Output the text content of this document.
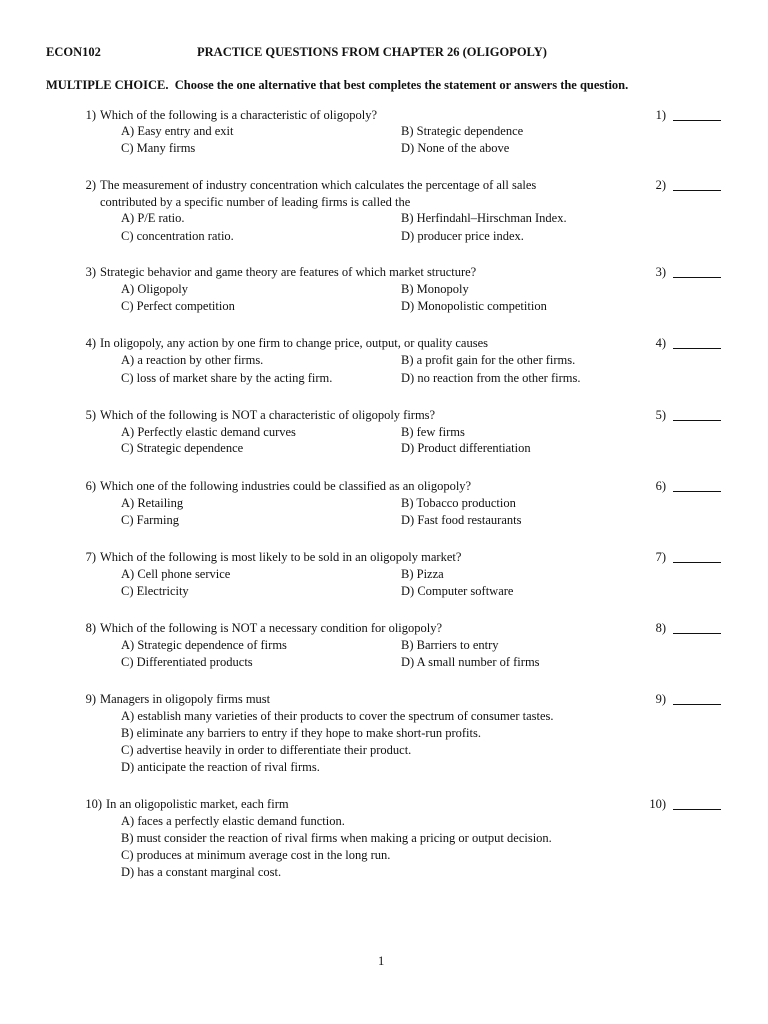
ECON102	PRACTICE QUESTIONS FROM CHAPTER 26 (OLIGOPOLY)
MULTIPLE CHOICE. Choose the one alternative that best completes the statement or answers the question.
1) Which of the following is a characteristic of oligopoly?
A) Easy entry and exit	B) Strategic dependence
C) Many firms	D) None of the above
1)
2) The measurement of industry concentration which calculates the percentage of all sales
contributed by a specific number of leading firms is called the
A) P/E ratio.	B) Herfindahl–Hirschman Index.
C) concentration ratio.	D) producer price index.
2)
3) Strategic behavior and game theory are features of which market structure?
A) Oligopoly	B) Monopoly
C) Perfect competition	D) Monopolistic competition
3)
4) In oligopoly, any action by one firm to change price, output, or quality causes
A) a reaction by other firms.	B) a profit gain for the other firms.
C) loss of market share by the acting firm.	D) no reaction from the other firms.
4)
5) Which of the following is NOT a characteristic of oligopoly firms?
A) Perfectly elastic demand curves	B) few firms
C) Strategic dependence	D) Product differentiation
5)
6) Which one of the following industries could be classified as an oligopoly?
A) Retailing	B) Tobacco production
C) Farming	D) Fast food restaurants
6)
7) Which of the following is most likely to be sold in an oligopoly market?
A) Cell phone service	B) Pizza
C) Electricity	D) Computer software
7)
8) Which of the following is NOT a necessary condition for oligopoly?
A) Strategic dependence of firms	B) Barriers to entry
C) Differentiated products	D) A small number of firms
8)
9) Managers in oligopoly firms must
A) establish many varieties of their products to cover the spectrum of consumer tastes.
B) eliminate any barriers to entry if they hope to make short-run profits.
C) advertise heavily in order to differentiate their product.
D) anticipate the reaction of rival firms.
9)
10) In an oligopolistic market, each firm
A) faces a perfectly elastic demand function.
B) must consider the reaction of rival firms when making a pricing or output decision.
C) produces at minimum average cost in the long run.
D) has a constant marginal cost.
10)
1
